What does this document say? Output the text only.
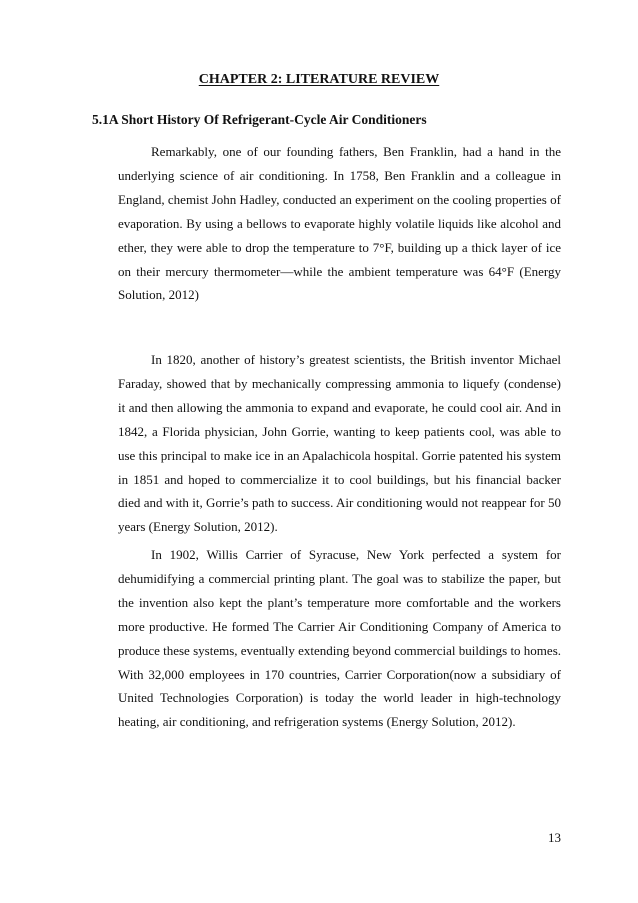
CHAPTER 2: LITERATURE REVIEW
5.1A Short History Of Refrigerant-Cycle Air Conditioners

Remarkably, one of our founding fathers, Ben Franklin, had a hand in the underlying science of air conditioning. In 1758, Ben Franklin and a colleague in England, chemist John Hadley, conducted an experiment on the cooling properties of evaporation. By using a bellows to evaporate highly volatile liquids like alcohol and ether, they were able to drop the temperature to 7°F, building up a thick layer of ice on their mercury thermometer—while the ambient temperature was 64°F (Energy Solution, 2012)

In 1820, another of history’s greatest scientists, the British inventor Michael Faraday, showed that by mechanically compressing ammonia to liquefy (condense) it and then allowing the ammonia to expand and evaporate, he could cool air. And in 1842, a Florida physician, John Gorrie, wanting to keep patients cool, was able to use this principal to make ice in an Apalachicola hospital. Gorrie patented his system in 1851 and hoped to commercialize it to cool buildings, but his financial backer died and with it, Gorrie’s path to success. Air conditioning would not reappear for 50 years (Energy Solution, 2012).

In 1902, Willis Carrier of Syracuse, New York perfected a system for dehumidifying a commercial printing plant. The goal was to stabilize the paper, but the invention also kept the plant’s temperature more comfortable and the workers more productive. He formed The Carrier Air Conditioning Company of America to produce these systems, eventually extending beyond commercial buildings to homes. With 32,000 employees in 170 countries, Carrier Corporation(now a subsidiary of United Technologies Corporation) is today the world leader in high-technology heating, air conditioning, and refrigeration systems (Energy Solution, 2012).

13
